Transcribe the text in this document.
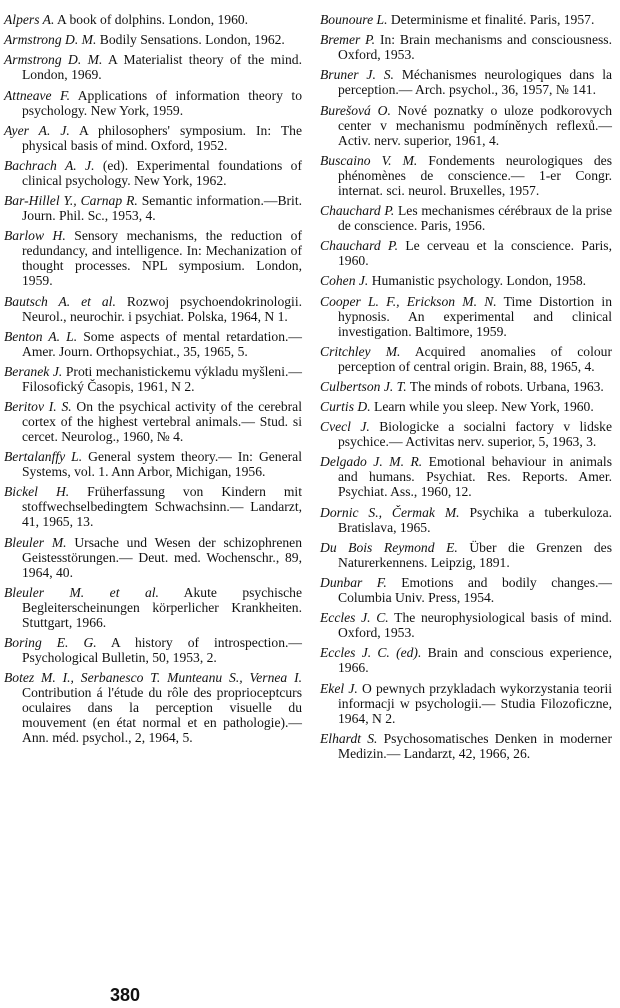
Alpers A. A book of dolphins. London, 1960.

Armstrong D. M. Bodily Sensations. London, 1962.

Armstrong D. M. A Materialist theory of the mind. London, 1969.

Attneave F. Applications of information theory to psychology. New York, 1959.

Ayer A. J. A philosophers' symposium. In: The physical basis of mind. Oxford, 1952.

Bachrach A. J. (ed). Experimental foundations of clinical psychology. New York, 1962.

Bar-Hillel Y., Carnap R. Semantic information.—Brit. Journ. Phil. Sc., 1953, 4.

Barlow H. Sensory mechanisms, the reduction of redundancy, and intelligence. In: Mechanization of thought processes. NPL symposium. London, 1959.

Bautsch A. et al. Rozwoj psychoendokrinologii. Neurol., neurochir. i psychiat. Polska, 1964, N 1.

Benton A. L. Some aspects of mental retardation.— Amer. Journ. Orthopsychiat., 35, 1965, 5.

Beranek J. Proti mechanistickemu výkladu myšleni.— Filosofický Časopis, 1961, N 2.

Beritov I. S. On the psychical activity of the cerebral cortex of the highest vertebral animals.— Stud. si cercet. Neurolog., 1960, № 4.

Bertalanffy L. General system theory.— In: General Systems, vol. 1. Ann Arbor, Michigan, 1956.

Bickel H. Früherfassung von Kindern mit stoffwechselbedingtem Schwachsinn.— Landarzt, 41, 1965, 13.

Bleuler M. Ursache und Wesen der schizophrenen Geistesstörungen.— Deut. med. Wochenschr., 89, 1964, 40.

Bleuler M. et al. Akute psychische Begleiterscheinungen körperlicher Krankheiten. Stuttgart, 1966.

Boring E. G. A history of introspection.— Psychological Bulletin, 50, 1953, 2.

Botez M. I., Serbanesco T. Munteanu S., Vernea I. Contribution á l'étude du rôle des proprioceptcurs oculaires dans la perception visuelle du mouvement (en état normal et en pathologie).— Ann. méd. psychol., 2, 1964, 5.

Bounoure L. Determinisme et finalité. Paris, 1957.

Bremer P. In: Brain mechanisms and consciousness. Oxford, 1953.

Bruner J. S. Méchanismes neurologiques dans la perception.— Arch. psychol., 36, 1957, № 141.

Burešová O. Nové poznatky o uloze podkorovych center v mechanismu podmíněnych reflexů.— Activ. nerv. superior, 1961, 4.

Buscaino V. M. Fondements neurologiques des phénomènes de conscience.— 1-er Congr. internat. sci. neurol. Bruxelles, 1957.

Chauchard P. Les mechanismes cérébraux de la prise de conscience. Paris, 1956.

Chauchard P. Le cerveau et la conscience. Paris, 1960.

Cohen J. Humanistic psychology. London, 1958.

Cooper L. F., Erickson M. N. Time Distortion in hypnosis. An experimental and clinical investigation. Baltimore, 1959.

Critchley M. Acquired anomalies of colour perception of central origin. Brain, 88, 1965, 4.

Culbertson J. T. The minds of robots. Urbana, 1963.

Curtis D. Learn while you sleep. New York, 1960.

Cvecl J. Biologicke a socialni factory v lidske psychice.— Activitas nerv. superior, 5, 1963, 3.

Delgado J. M. R. Emotional behaviour in animals and humans. Psychiat. Res. Reports. Amer. Psychiat. Ass., 1960, 12.

Dornic S., Čermak M. Psychika a tuberkuloza. Bratislava, 1965.

Du Bois Reymond E. Über die Grenzen des Naturerkennens. Leipzig, 1891.

Dunbar F. Emotions and bodily changes.— Columbia Univ. Press, 1954.

Eccles J. C. The neurophysiological basis of mind. Oxford, 1953.

Eccles J. C. (ed). Brain and conscious experience, 1966.

Ekel J. O pewnych przykladach wykorzystania teorii informacji w psychologii.— Studia Filozoficzne, 1964, N 2.

Elhardt S. Psychosomatisches Denken in moderner Medizin.— Landarzt, 42, 1966, 26.

380
